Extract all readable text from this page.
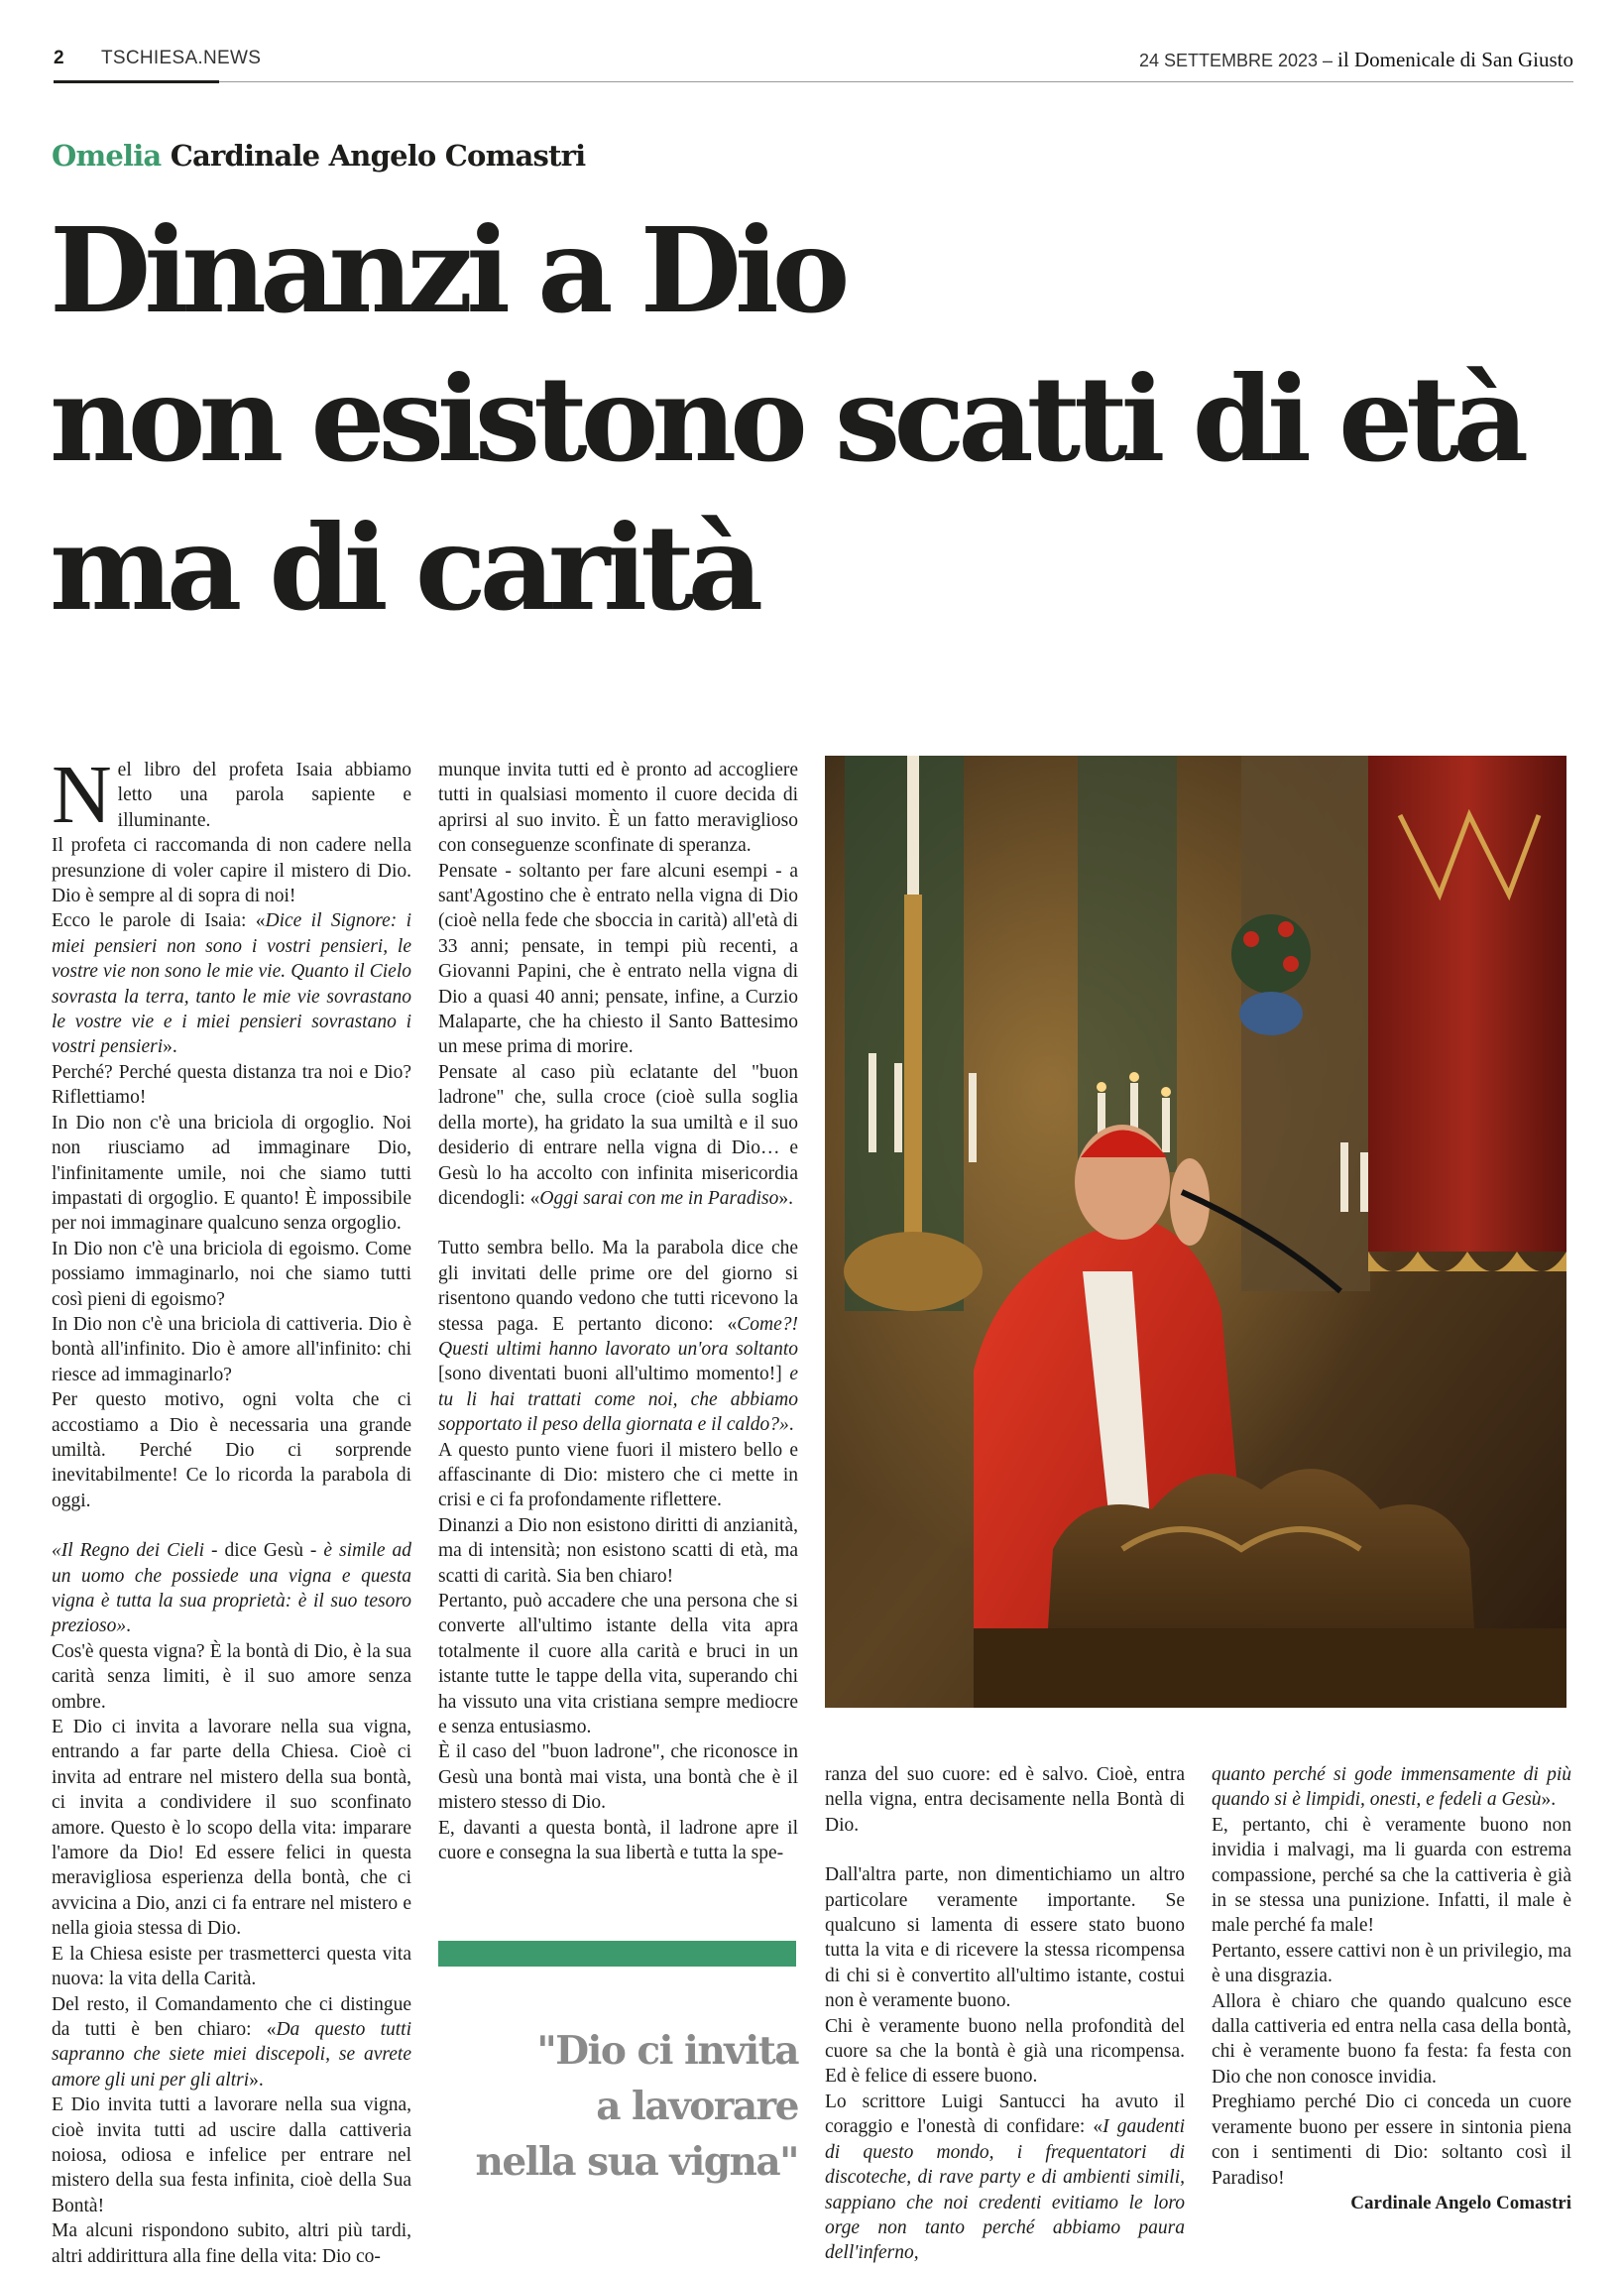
2 TSCHIESA.NEWS	24 SETTEMBRE 2023 – il Domenicale di San Giusto
Omelia Cardinale Angelo Comastri
Dinanzi a Dio
non esistono scatti di età
ma di carità

Nel libro del profeta Isaia abbiamo letto una parola sapiente e illuminante.

Il profeta ci raccomanda di non cadere nella presunzione di voler capire il mistero di Dio. Dio è sempre al di sopra di noi!

Ecco le parole di Isaia: «Dice il Signore: i miei pensieri non sono i vostri pensieri, le vostre vie non sono le mie vie. Quanto il Cielo sovrasta la terra, tanto le mie vie sovrastano le vostre vie e i miei pensieri sovrastano i vostri pensieri».

Perché? Perché questa distanza tra noi e Dio? Riflettiamo!

In Dio non c'è una briciola di orgoglio. Noi non riusciamo ad immaginare Dio, l'infinitamente umile, noi che siamo tutti impastati di orgoglio. E quanto! È impossibile per noi immaginare qualcuno senza orgoglio.

In Dio non c'è una briciola di egoismo. Come possiamo immaginarlo, noi che siamo tutti così pieni di egoismo?

In Dio non c'è una briciola di cattiveria. Dio è bontà all'infinito. Dio è amore all'infinito: chi riesce ad immaginarlo?

Per questo motivo, ogni volta che ci accostiamo a Dio è necessaria una grande umiltà. Perché Dio ci sorprende inevitabilmente! Ce lo ricorda la parabola di oggi.

«Il Regno dei Cieli - dice Gesù - è simile ad un uomo che possiede una vigna e questa vigna è tutta la sua proprietà: è il suo tesoro prezioso».

Cos'è questa vigna? È la bontà di Dio, è la sua carità senza limiti, è il suo amore senza ombre.

E Dio ci invita a lavorare nella sua vigna, entrando a far parte della Chiesa. Cioè ci invita ad entrare nel mistero della sua bontà, ci invita a condividere il suo sconfinato amore. Questo è lo scopo della vita: imparare l'amore da Dio! Ed essere felici in questa meravigliosa esperienza della bontà, che ci avvicina a Dio, anzi ci fa entrare nel mistero e nella gioia stessa di Dio.

E la Chiesa esiste per trasmetterci questa vita nuova: la vita della Carità.

Del resto, il Comandamento che ci distingue da tutti è ben chiaro: «Da questo tutti sapranno che siete miei discepoli, se avrete amore gli uni per gli altri».

E Dio invita tutti a lavorare nella sua vigna, cioè invita tutti ad uscire dalla cattiveria noiosa, odiosa e infelice per entrare nel mistero della sua festa infinita, cioè della Sua Bontà!

Ma alcuni rispondono subito, altri più tardi, altri addirittura alla fine della vita: Dio co-

munque invita tutti ed è pronto ad accogliere tutti in qualsiasi momento il cuore decida di aprirsi al suo invito. È un fatto meraviglioso con conseguenze sconfinate di speranza.

Pensate - soltanto per fare alcuni esempi - a sant'Agostino che è entrato nella vigna di Dio (cioè nella fede che sboccia in carità) all'età di 33 anni; pensate, in tempi più recenti, a Giovanni Papini, che è entrato nella vigna di Dio a quasi 40 anni; pensate, infine, a Curzio Malaparte, che ha chiesto il Santo Battesimo un mese prima di morire.

Pensate al caso più eclatante del "buon ladrone" che, sulla croce (cioè sulla soglia della morte), ha gridato la sua umiltà e il suo desiderio di entrare nella vigna di Dio… e Gesù lo ha accolto con infinita misericordia dicendogli: «Oggi sarai con me in Paradiso».

Tutto sembra bello. Ma la parabola dice che gli invitati delle prime ore del giorno si risentono quando vedono che tutti ricevono la stessa paga. E pertanto dicono: «Come?! Questi ultimi hanno lavorato un'ora soltanto [sono diventati buoni all'ultimo momento!] e tu li hai trattati come noi, che abbiamo sopportato il peso della giornata e il caldo?».

A questo punto viene fuori il mistero bello e affascinante di Dio: mistero che ci mette in crisi e ci fa profondamente riflettere.

Dinanzi a Dio non esistono diritti di anzianità, ma di intensità; non esistono scatti di età, ma scatti di carità. Sia ben chiaro!

Pertanto, può accadere che una persona che si converte all'ultimo istante della vita apra totalmente il cuore alla carità e bruci in un istante tutte le tappe della vita, superando chi ha vissuto una vita cristiana sempre mediocre e senza entusiasmo.

È il caso del "buon ladrone", che riconosce in Gesù una bontà mai vista, una bontà che è il mistero stesso di Dio.

E, davanti a questa bontà, il ladrone apre il cuore e consegna la sua libertà e tutta la spe-

"Dio ci invita
a lavorare
nella sua vigna"

ranza del suo cuore: ed è salvo. Cioè, entra nella vigna, entra decisamente nella Bontà di Dio.

Dall'altra parte, non dimentichiamo un altro particolare veramente importante. Se qualcuno si lamenta di essere stato buono tutta la vita e di ricevere la stessa ricompensa di chi si è convertito all'ultimo istante, costui non è veramente buono.

Chi è veramente buono nella profondità del cuore sa che la bontà è già una ricompensa. Ed è felice di essere buono.

Lo scrittore Luigi Santucci ha avuto il coraggio e l'onestà di confidare: «I gaudenti di questo mondo, i frequentatori di discoteche, di rave party e di ambienti simili, sappiano che noi credenti evitiamo le loro orge non tanto perché abbiamo paura dell'inferno,

quanto perché si gode immensamente di più quando si è limpidi, onesti, e fedeli a Gesù».

E, pertanto, chi è veramente buono non invidia i malvagi, ma li guarda con estrema compassione, perché sa che la cattiveria è già in se stessa una punizione. Infatti, il male è male perché fa male!

Pertanto, essere cattivi non è un privilegio, ma è una disgrazia.

Allora è chiaro che quando qualcuno esce dalla cattiveria ed entra nella casa della bontà, chi è veramente buono fa festa: fa festa con Dio che non conosce invidia.

Preghiamo perché Dio ci conceda un cuore veramente buono per essere in sintonia piena con i sentimenti di Dio: soltanto così il Paradiso!

Cardinale Angelo Comastri
